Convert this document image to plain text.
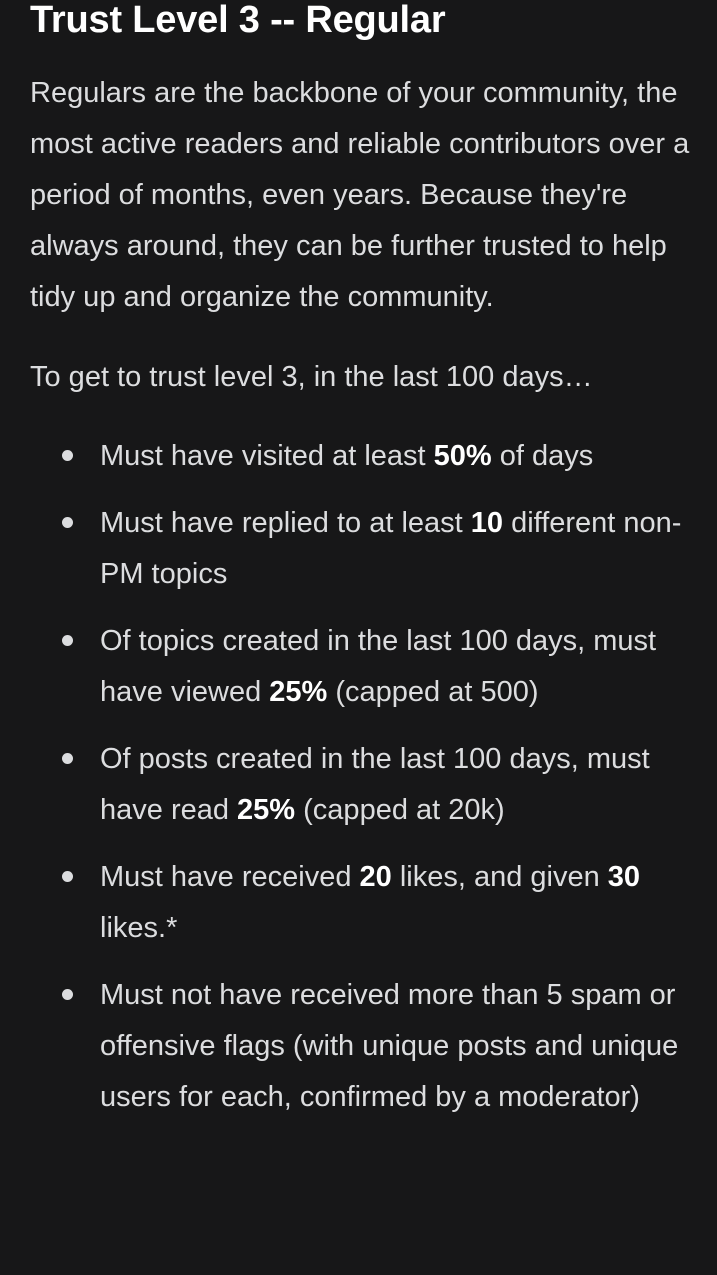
Trust Level 3 -- Regular

Regulars are the backbone of your community, the most active readers and reliable contributors over a period of months, even years. Because they're always around, they can be further trusted to help tidy up and organize the community.

To get to trust level 3, in the last 100 days…

Must have visited at least 50% of days
Must have replied to at least 10 different non-PM topics
Of topics created in the last 100 days, must have viewed 25% (capped at 500)
Of posts created in the last 100 days, must have read 25% (capped at 20k)
Must have received 20 likes, and given 30 likes.*
Must not have received more than 5 spam or offensive flags (with unique posts and unique users for each, confirmed by a moderator)
